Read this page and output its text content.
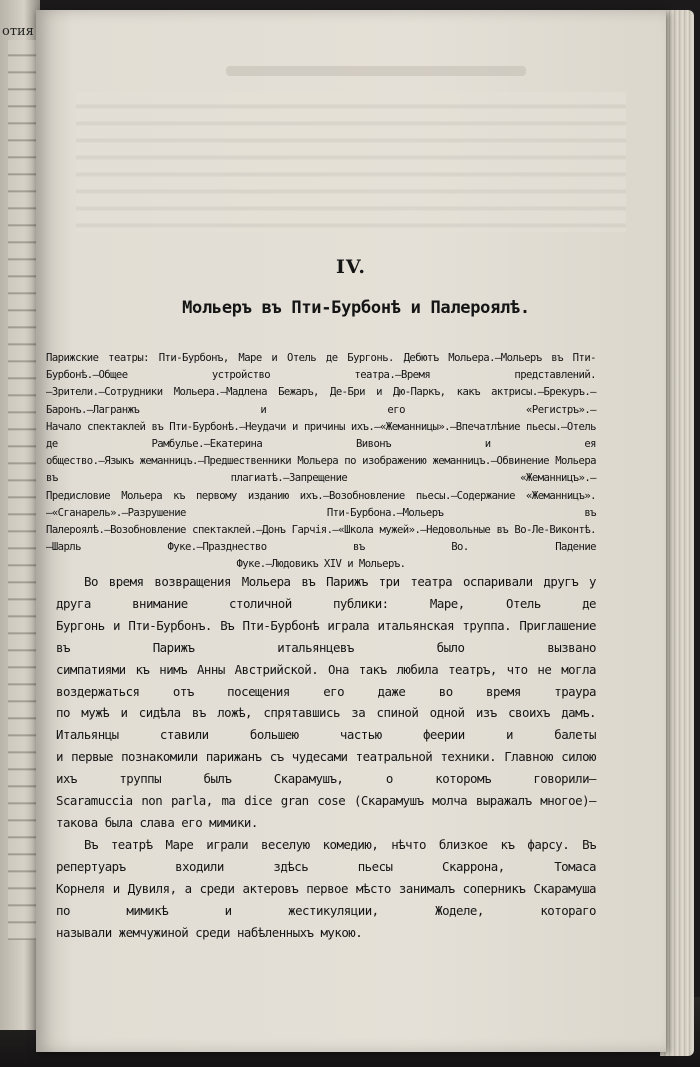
отия
IV.
Мольеръ въ Пти-Бурбонѣ и Палероялѣ.
Парижские театры: Пти-Бурбонъ, Маре и Отель де Бургонь. Дебютъ Мольера.—Мольеръ въ Пти-Бурбонѣ.—Общее устройство театра.—Время представлений.
—Зрители.—Сотрудники Мольера.—Мадлена Бежаръ, Де-Бри и Дю-Паркъ, какъ актрисы.—Брекуръ.—Баронъ.—Лагранжъ и его «Регистръ».—
Начало спектаклей въ Пти-Бурбонѣ.—Неудачи и причины ихъ.—«Жеманницы».—Впечатлѣние пьесы.—Отель де Рамбулье.—Екатерина Вивонъ и ея
общество.—Языкъ жеманницъ.—Предшественники Мольера по изображению жеманницъ.—Обвинение Мольера въ плагиатѣ.—Запрещение «Жеманницъ».—
Предисловие Мольера къ первому изданию ихъ.—Возобновление пьесы.—Содержание «Жеманницъ».—«Сганарель».—Разрушение Пти-Бурбона.—Мольеръ въ
Палероялѣ.—Возобновление спектаклей.—Донъ Гарчія.—«Школа мужей».—Недовольные въ Во-Ле-Виконтѣ.—Шарль Фуке.—Празднество въ Во. Падение
Фуке.—Людовикъ XIV и Мольеръ.
Во время возвращения Мольера въ Парижъ три театра оспаривали другъ у друга внимание столичной публики: Маре, Отель де
Бургонь и Пти-Бурбонъ. Въ Пти-Бурбонѣ играла итальянская труппа. Приглашение въ Парижъ итальянцевъ было вызвано
симпатиями къ нимъ Анны Австрийской. Она такъ любила театръ, что не могла воздержаться отъ посещения его даже во время траура
по мужѣ и сидѣла въ ложѣ, спрятавшись за спиной одной изъ своихъ дамъ. Итальянцы ставили большею частью феерии и балеты
и первые познакомили парижанъ съ чудесами театральной техники. Главною силою ихъ труппы былъ Скарамушъ, о которомъ говорили—
Scaramuccia non parla, ma dice gran cose (Скарамушъ молча выражалъ многое)—такова была слава его мимики.
Въ театрѣ Маре играли веселую комедию, нѣчто близкое къ фарсу. Въ репертуаръ входили здѣсь пьесы Скаррона, Томаса
Корнеля и Дувиля, а среди актеровъ первое мѣсто занималъ соперникъ Скарамуша по мимикѣ и жестикуляции, Жоделе, котораго
называли жемчужиной среди набѣленныхъ мукою.
